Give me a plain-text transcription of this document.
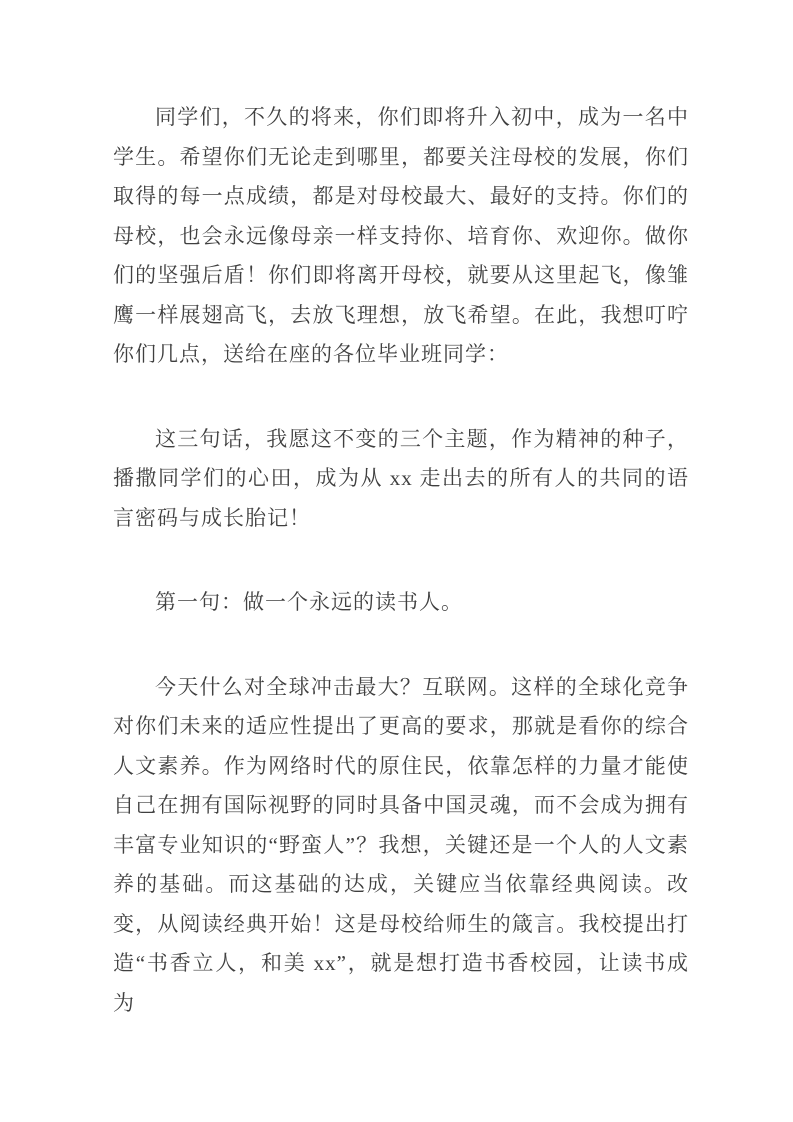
同学们，不久的将来，你们即将升入初中，成为一名中学生。希望你们无论走到哪里，都要关注母校的发展，你们取得的每一点成绩，都是对母校最大、最好的支持。你们的母校，也会永远像母亲一样支持你、培育你、欢迎你。做你们的坚强后盾！你们即将离开母校，就要从这里起飞，像雏鹰一样展翅高飞，去放飞理想，放飞希望。在此，我想叮咛你们几点，送给在座的各位毕业班同学：

这三句话，我愿这不变的三个主题，作为精神的种子，播撒同学们的心田，成为从 xx 走出去的所有人的共同的语言密码与成长胎记！

第一句：做一个永远的读书人。

今天什么对全球冲击最大？互联网。这样的全球化竞争对你们未来的适应性提出了更高的要求，那就是看你的综合人文素养。作为网络时代的原住民，依靠怎样的力量才能使自己在拥有国际视野的同时具备中国灵魂，而不会成为拥有丰富专业知识的“野蛮人”？我想，关键还是一个人的人文素养的基础。而这基础的达成，关键应当依靠经典阅读。改变，从阅读经典开始！这是母校给师生的箴言。我校提出打造“书香立人，和美 xx”，就是想打造书香校园，让读书成为
